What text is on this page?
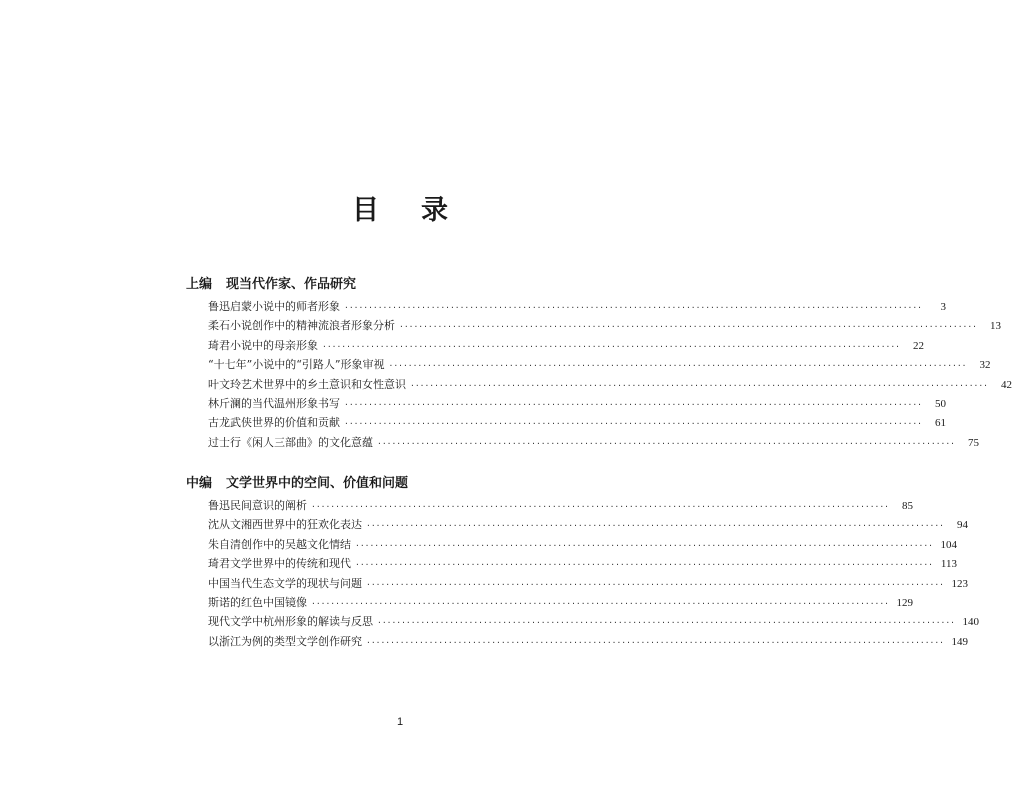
目 录
上编 现当代作家、作品研究
鲁迅启蒙小说中的师者形象 ························································································································	3
柔石小说创作中的精神流浪者形象分析 ························································································································	13
琦君小说中的母亲形象 ························································································································	22
“十七年”小说中的“引路人”形象审视 ························································································································	32
叶文玲艺术世界中的乡土意识和女性意识 ························································································································	42
林斤澜的当代温州形象书写 ························································································································	50
古龙武侠世界的价值和贡献 ························································································································	61
过士行《闲人三部曲》的文化意蕴 ························································································································	75
中编 文学世界中的空间、价值和问题
鲁迅民间意识的阐析 ························································································································	85
沈从文湘西世界中的狂欢化表达 ························································································································	94
朱自清创作中的吴越文化情结 ························································································································ 104
琦君文学世界中的传统和现代 ························································································································ 113
中国当代生态文学的现状与问题 ························································································································ 123
斯诺的红色中国镜像 ························································································································ 129
现代文学中杭州形象的解读与反思 ························································································································ 140
以浙江为例的类型文学创作研究 ························································································································ 149
1
